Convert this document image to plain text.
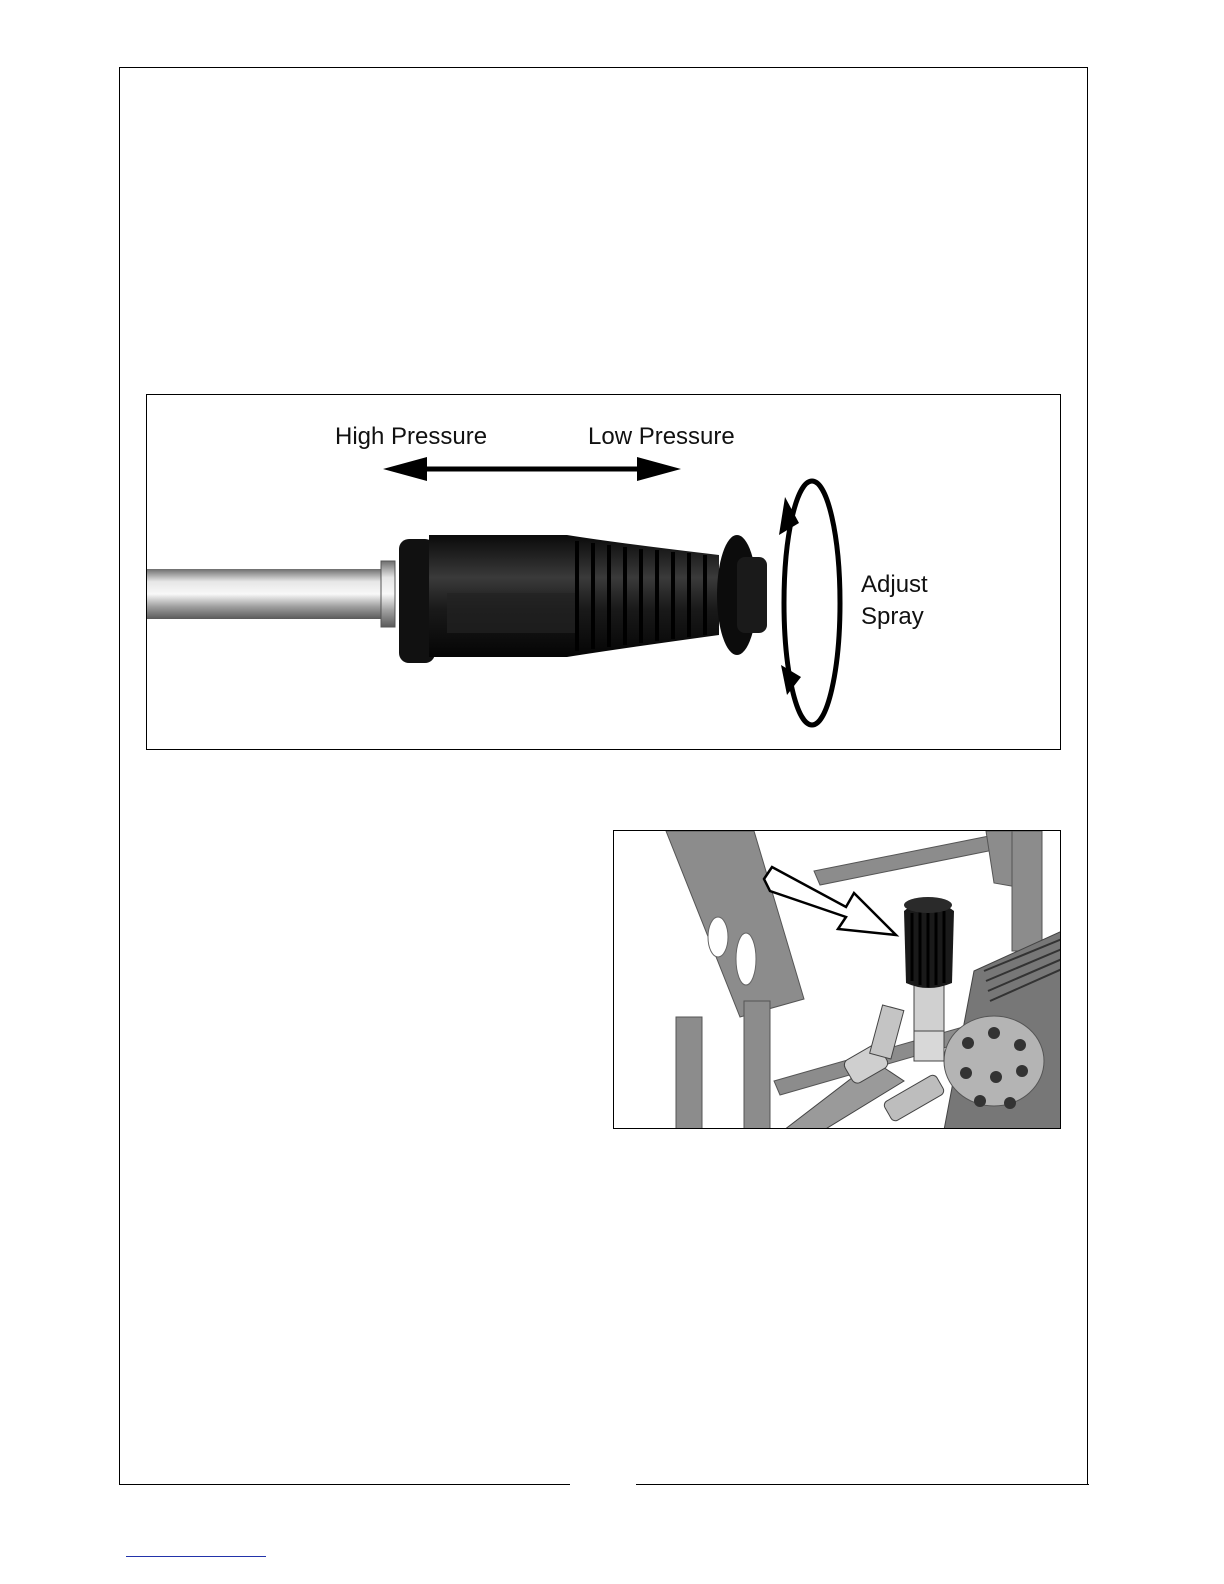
High Pressure	Low Pressure
Adjust
Spray
